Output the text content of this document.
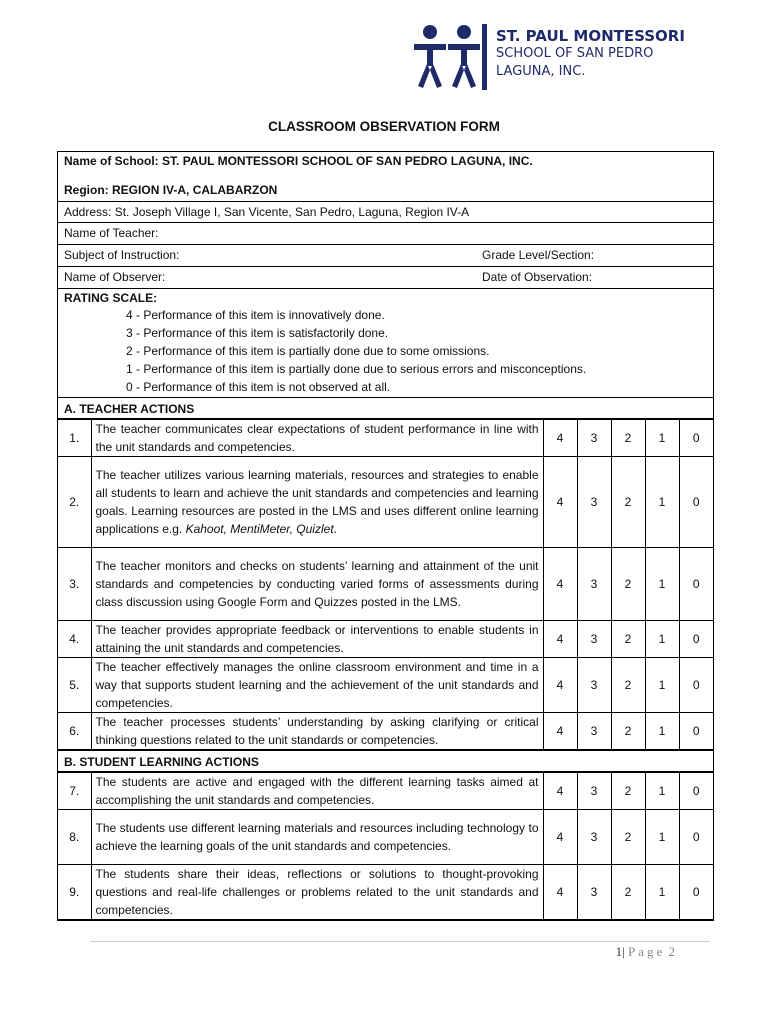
ST. PAUL MONTESSORI
SCHOOL OF SAN PEDRO
LAGUNA, INC.
CLASSROOM OBSERVATION FORM
Name of School: ST. PAUL MONTESSORI SCHOOL OF SAN PEDRO LAGUNA, INC.
Region: REGION IV-A, CALABARZON
Address: St. Joseph Village I, San Vicente, San Pedro, Laguna, Region IV-A
Name of Teacher:
Subject of Instruction:	Grade Level/Section:
Name of Observer:	Date of Observation:
RATING SCALE:
4 - Performance of this item is innovatively done.
3 - Performance of this item is satisfactorily done.
2 - Performance of this item is partially done due to some omissions.
1 - Performance of this item is partially done due to serious errors and misconceptions.
0 - Performance of this item is not observed at all.
A. TEACHER ACTIONS
1.	The teacher communicates clear expectations of student performance in line with the unit standards and competencies.	4	3	2	1	0
2.	The teacher utilizes various learning materials, resources and strategies to enable all students to learn and achieve the unit standards and competencies and learning goals. Learning resources are posted in the LMS and uses different online learning applications e.g. Kahoot, MentiMeter, Quizlet.	4	3	2	1	0
3.	The teacher monitors and checks on students’ learning and attainment of the unit standards and competencies by conducting varied forms of assessments during class discussion using Google Form and Quizzes posted in the LMS.	4	3	2	1	0
4.	The teacher provides appropriate feedback or interventions to enable students in attaining the unit standards and competencies.	4	3	2	1	0
5.	The teacher effectively manages the online classroom environment and time in a way that supports student learning and the achievement of the unit standards and competencies.	4	3	2	1	0
6.	The teacher processes students’ understanding by asking clarifying or critical thinking questions related to the unit standards or competencies.	4	3	2	1	0
B. STUDENT LEARNING ACTIONS
7.	The students are active and engaged with the different learning tasks aimed at accomplishing the unit standards and competencies.	4	3	2	1	0
8.	The students use different learning materials and resources including technology to achieve the learning goals of the unit standards and competencies.	4	3	2	1	0
9.	The students share their ideas, reflections or solutions to thought-provoking questions and real-life challenges or problems related to the unit standards and competencies.	4	3	2	1	0
1| Page 2
